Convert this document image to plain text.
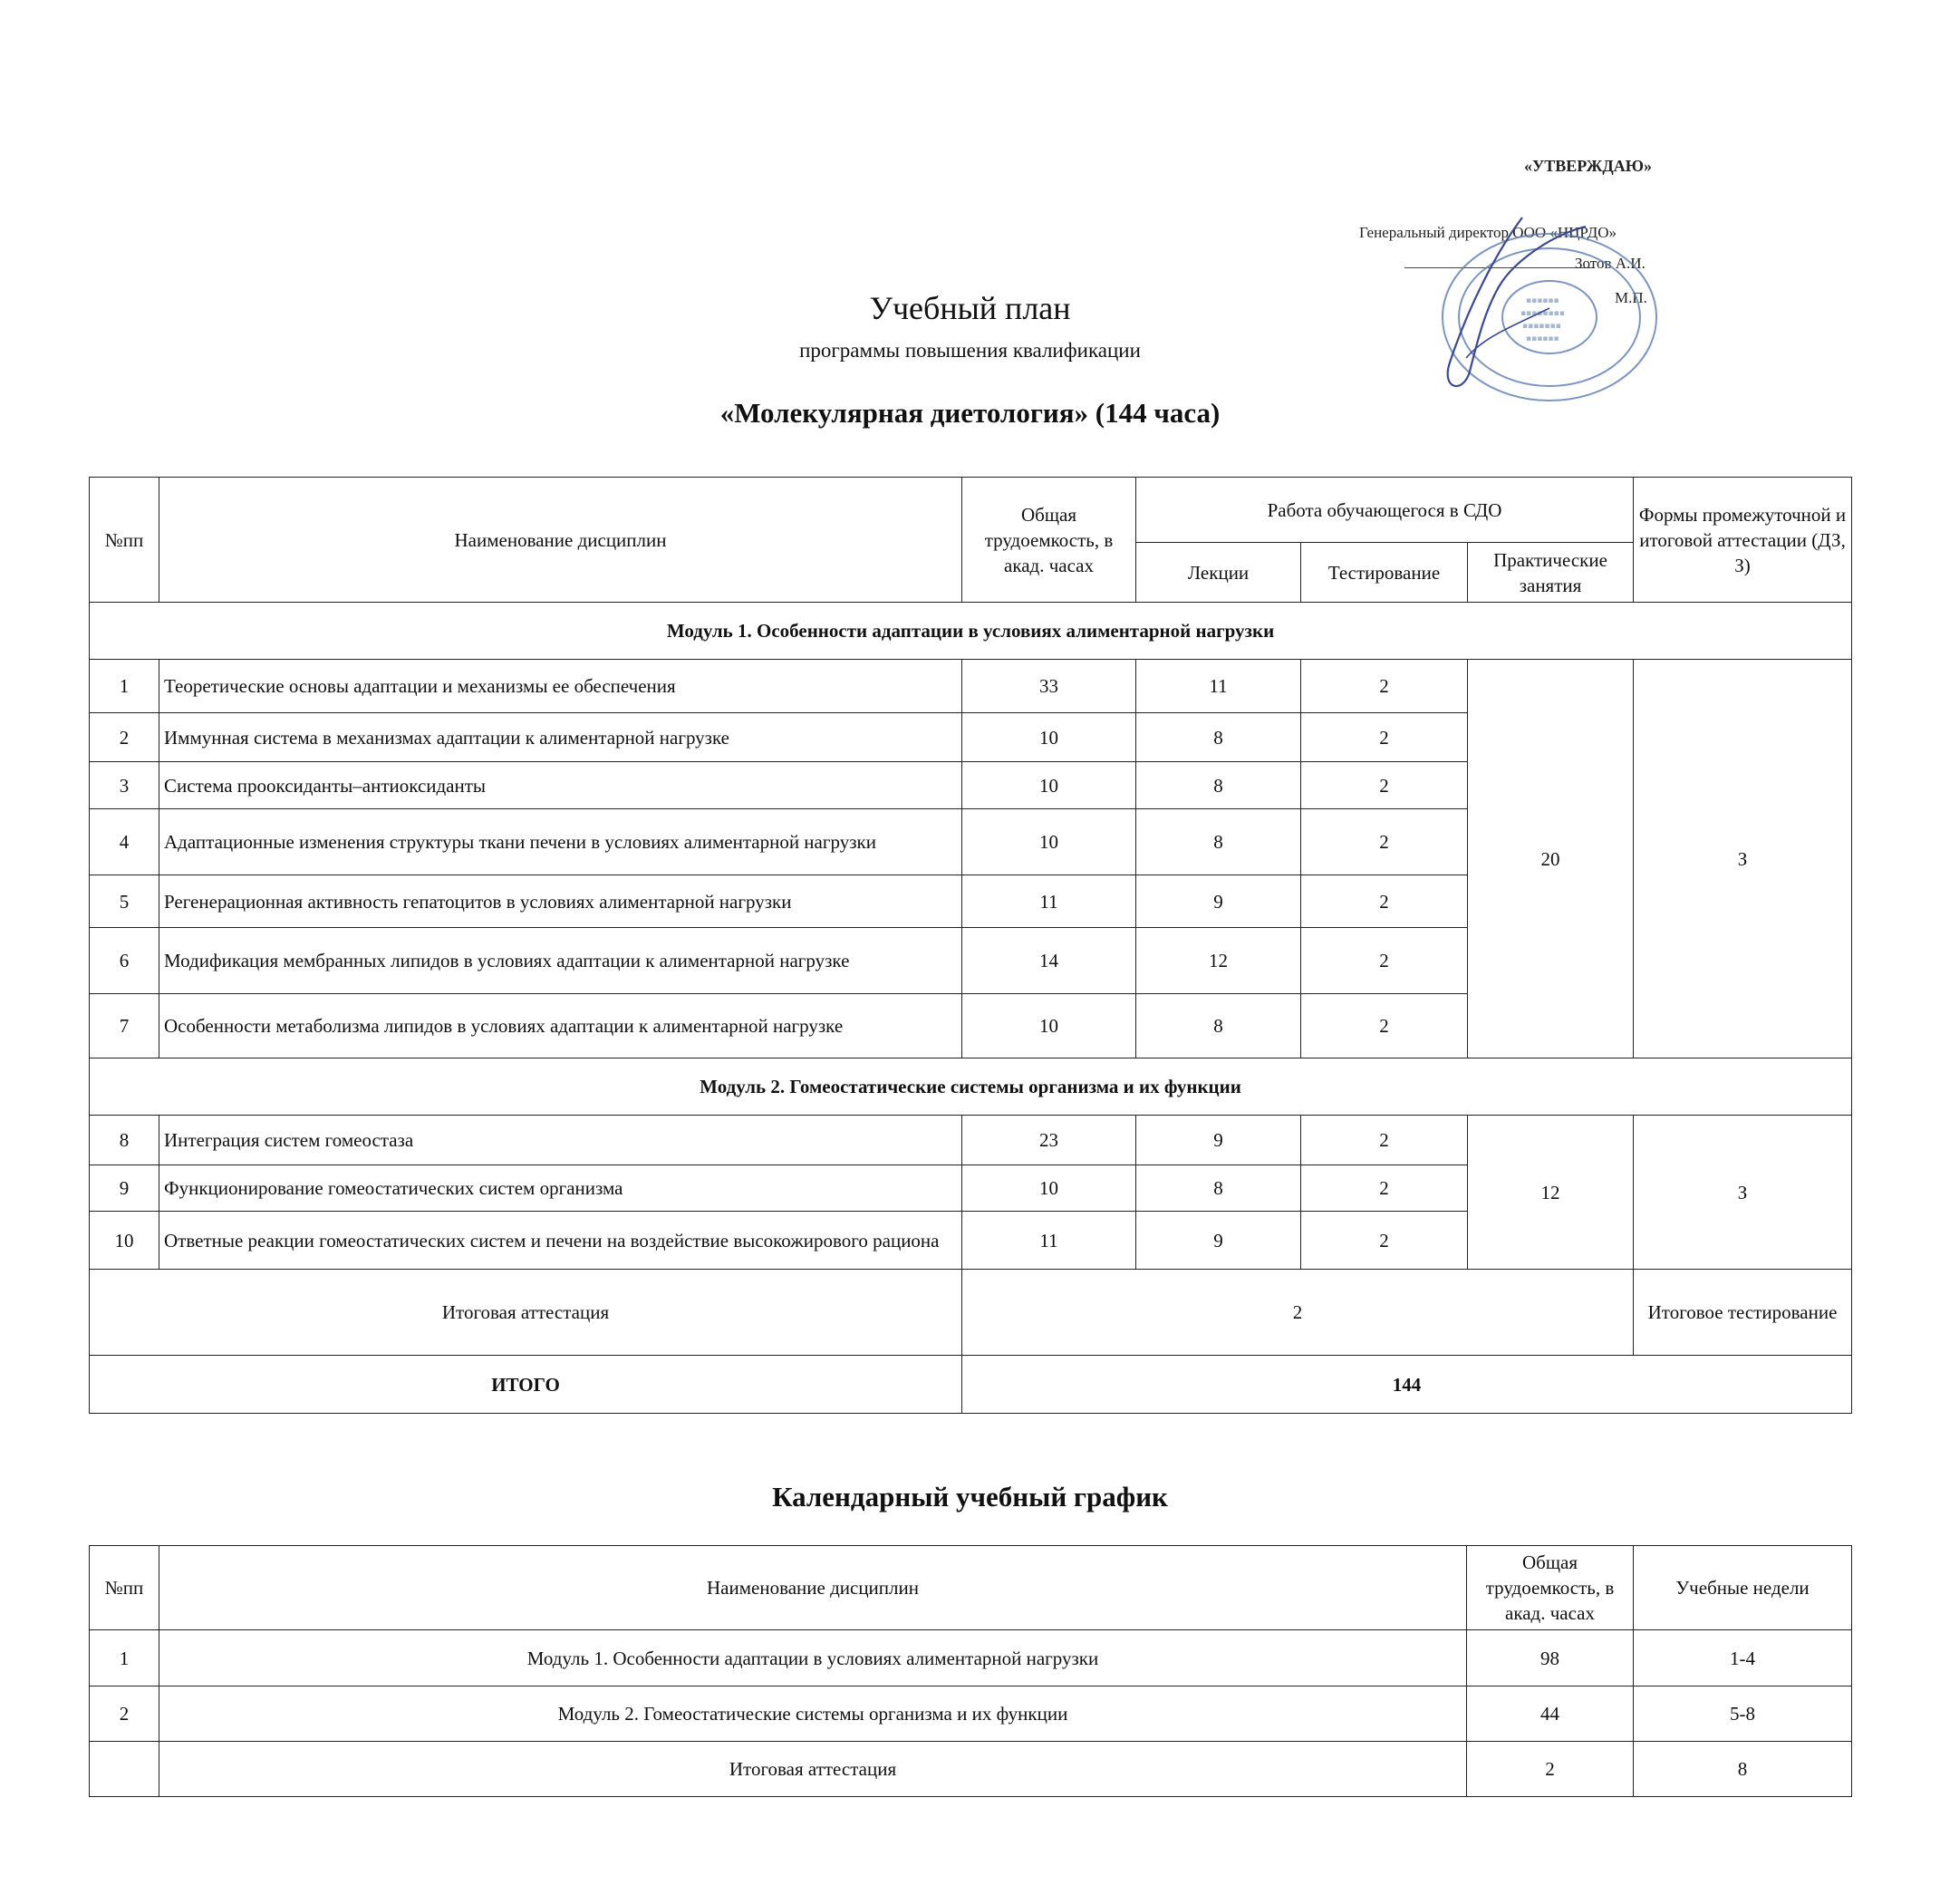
«УТВЕРЖДАЮ»
Генеральный директор ООО «НЦРДО»
Зотов А.И.
М.П.
▪▪▪▪▪▪
▪▪▪▪▪▪▪▪
▪▪▪▪▪▪▪
▪▪▪▪▪▪
Учебный план
программы повышения квалификации
«Молекулярная диетология» (144 часа)
№пп	Наименование дисциплин	Общая трудоемкость, в акад. часах	Работа обучающегося в СДО			Формы промежуточной и итоговой аттестации (ДЗ, З)
			Лекции	Тестирование	Практические занятия	
Модуль 1. Особенности адаптации в условиях алиментарной нагрузки						
1	Теоретические основы адаптации и механизмы ее обеспечения	33	11	2	20	З
2	Иммунная система в механизмах адаптации к алиментарной нагрузке	10	8	2		
3	Система прооксиданты–антиоксиданты	10	8	2		
4	Адаптационные изменения структуры ткани печени в условиях алиментарной нагрузки	10	8	2		
5	Регенерационная активность гепатоцитов в условиях алиментарной нагрузки	11	9	2		
6	Модификация мембранных липидов в условиях адаптации к алиментарной нагрузке	14	12	2		
7	Особенности метаболизма липидов в условиях адаптации к алиментарной нагрузке	10	8	2		
Модуль 2. Гомеостатические системы организма и их функции						
8	Интеграция систем гомеостаза	23	9	2	12	З
9	Функционирование гомеостатических систем организма	10	8	2		
10	Ответные реакции гомеостатических систем и печени на воздействие высокожирового рациона	11	9	2		
Итоговая аттестация		2				Итоговое тестирование
ИТОГО		144				
Календарный учебный график
№пп	Наименование дисциплин	Общая трудоемкость, в акад. часах	Учебные недели
1	Модуль 1. Особенности адаптации в условиях алиментарной нагрузки	98	1-4
2	Модуль 2. Гомеостатические системы организма и их функции	44	5-8
	Итоговая аттестация	2	8
